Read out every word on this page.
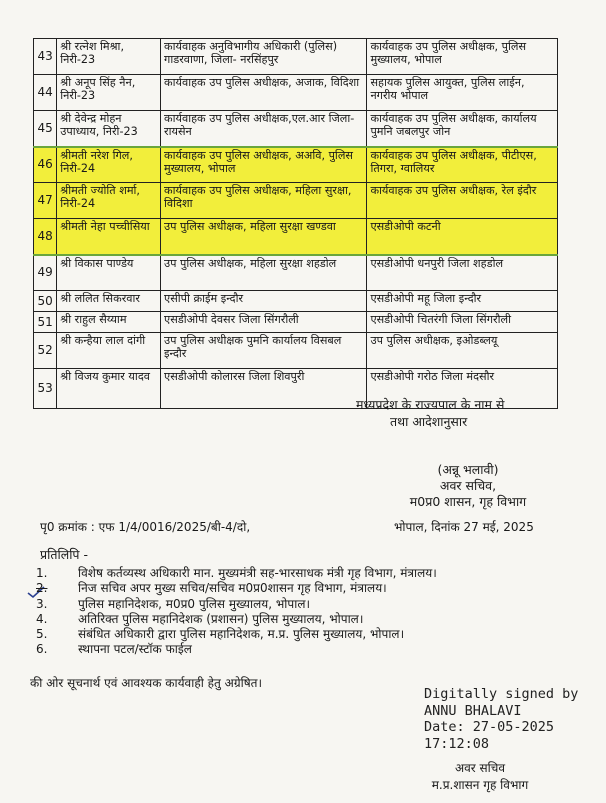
43	श्री रत्नेश मिश्रा, निरी-23	कार्यवाहक अनुविभागीय अधिकारी (पुलिस) गाडरवाणा, जिला- नरसिंहपुर	कार्यवाहक उप पुलिस अधीक्षक, पुलिस मुख्यालय, भोपाल
44	श्री अनूप सिंह नैन, निरी-23	कार्यवाहक उप पुलिस अधीक्षक, अजाक, विदिशा	सहायक पुलिस आयुक्त, पुलिस लाईन, नगरीय भोपाल
45	श्री देवेन्द्र मोहन उपाध्याय, निरी-23	कार्यवाहक उप पुलिस अधीक्षक,एल.आर जिला-रायसेन	कार्यवाहक उप पुलिस अधीक्षक, कार्यालय पुमनि जबलपुर जोन
46	श्रीमती नरेश गिल, निरी-24	कार्यवाहक उप पुलिस अधीक्षक, अअवि, पुलिस मुख्यालय, भोपाल	कार्यवाहक उप पुलिस अधीक्षक, पीटीएस, तिगरा, ग्वालियर
47	श्रीमती ज्योति शर्मा, निरी-24	कार्यवाहक उप पुलिस अधीक्षक, महिला सुरक्षा, विदिशा	कार्यवाहक उप पुलिस अधीक्षक, रेल इंदौर
48	श्रीमती नेहा पच्चीसिया	उप पुलिस अधीक्षक, महिला सुरक्षा खण्डवा	एसडीओपी कटनी
49	श्री विकास पाण्डेय	उप पुलिस अधीक्षक, महिला सुरक्षा शहडोल	एसडीओपी धनपुरी जिला शहडोल
50	श्री ललित सिकरवार	एसीपी क्राईम इन्दौर	एसडीओपी महू जिला इन्दौर
51	श्री राहुल सैय्याम	एसडीओपी देवसर जिला सिंगरौली	एसडीओपी चितरंगी जिला सिंगरौली
52	श्री कन्हैया लाल दांगी	उप पुलिस अधीक्षक पुमनि कार्यालय विसबल इन्दौर	उप पुलिस अधीक्षक, इओडब्लयू
53	श्री विजय कुमार यादव	एसडीओपी कोलारस जिला शिवपुरी	एसडीओपी गरोठ जिला मंदसौर
मध्यप्रदेश के राज्यपाल के नाम से
तथा आदेशानुसार
(अन्नू भलावी)
अवर सचिव,
म0प्र0 शासन, गृह विभाग
पृ0 क्रमांक : एफ 1/4/0016/2025/बी-4/दो,	भोपाल, दिनांक 27 मई, 2025
प्रतिलिपि -
1.	विशेष कर्तव्यस्थ अधिकारी मान. मुख्यमंत्री सह-भारसाधक मंत्री गृह विभाग, मंत्रालय।
2.	निज सचिव अपर मुख्य सचिव/सचिव म0प्र0शासन गृह विभाग, मंत्रालय।
3.	पुलिस महानिदेशक, म0प्र0 पुलिस मुख्यालय, भोपाल।
4.	अतिरिक्त पुलिस महानिदेशक (प्रशासन) पुलिस मुख्यालय, भोपाल।
5.	संबंधित अधिकारी द्वारा पुलिस महानिदेशक, म.प्र. पुलिस मुख्यालय, भोपाल।
6.	स्थापना पटल/स्टॉक फाईल
की ओर सूचनार्थ एवं आवश्यक कार्यवाही हेतु अग्रेषित।
Digitally signed by
ANNU BHALAVI
Date: 27-05-2025
17:12:08
अवर सचिव
म.प्र.शासन गृह विभाग
